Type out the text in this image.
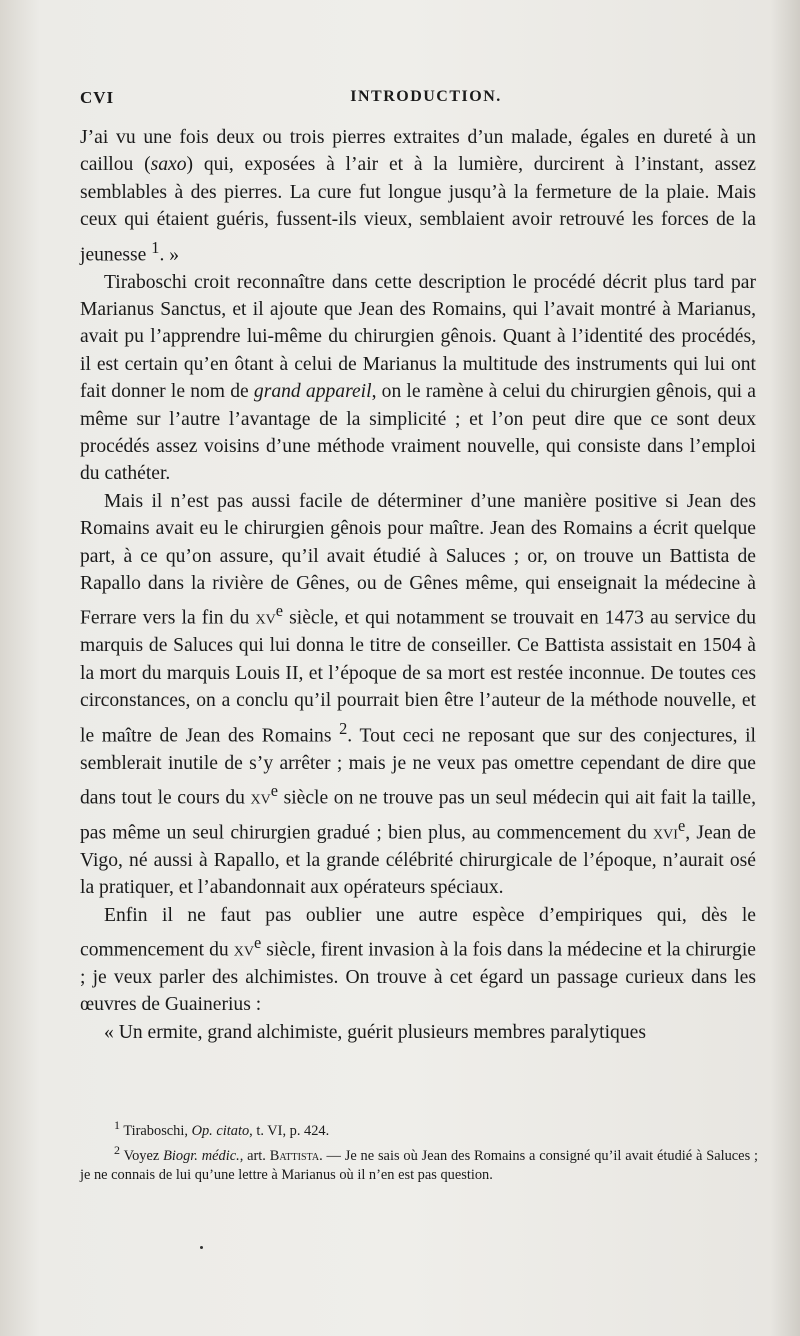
CVI	INTRODUCTION.

J’ai vu une fois deux ou trois pierres extraites d’un malade, égales en dureté à un caillou (saxo) qui, exposées à l’air et à la lumière, durcirent à l’instant, assez semblables à des pierres. La cure fut longue jusqu’à la fermeture de la plaie. Mais ceux qui étaient guéris, fussent-ils vieux, semblaient avoir retrouvé les forces de la jeunesse $^1$. »

Tiraboschi croit reconnaître dans cette description le procédé décrit plus tard par Marianus Sanctus, et il ajoute que Jean des Romains, qui l’avait montré à Marianus, avait pu l’apprendre lui-même du chirurgien gênois. Quant à l’identité des procédés, il est certain qu’en ôtant à celui de Marianus la multitude des instruments qui lui ont fait donner le nom de grand appareil, on le ramène à celui du chirurgien gênois, qui a même sur l’autre l’avantage de la simplicité ; et l’on peut dire que ce sont deux procédés assez voisins d’une méthode vraiment nouvelle, qui consiste dans l’emploi du cathéter.

Mais il n’est pas aussi facile de déterminer d’une manière positive si Jean des Romains avait eu le chirurgien gênois pour maître. Jean des Romains a écrit quelque part, à ce qu’on assure, qu’il avait étudié à Saluces ; or, on trouve un Battista de Rapallo dans la rivière de Gênes, ou de Gênes même, qui enseignait la médecine à Ferrare vers la fin du $xv^e$ siècle, et qui notamment se trouvait en 1473 au service du marquis de Saluces qui lui donna le titre de conseiller. Ce Battista assistait en 1504 à la mort du marquis Louis II, et l’époque de sa mort est restée inconnue. De toutes ces circonstances, on a conclu qu’il pourrait bien être l’auteur de la méthode nouvelle, et le maître de Jean des Romains $^2$. Tout ceci ne reposant que sur des conjectures, il semblerait inutile de s’y arrêter ; mais je ne veux pas omettre cependant de dire que dans tout le cours du $xv^e$ siècle on ne trouve pas un seul médecin qui ait fait la taille, pas même un seul chirurgien gradué ; bien plus, au commencement du xvi$^e$, Jean de Vigo, né aussi à Rapallo, et la grande célébrité chirurgicale de l’époque, n’aurait osé la pratiquer, et l’abandonnait aux opérateurs spéciaux.

Enfin il ne faut pas oublier une autre espèce d’empiriques qui, dès le commencement du $xv^e$ siècle, firent invasion à la fois dans la médecine et la chirurgie ; je veux parler des alchimistes. On trouve à cet égard un passage curieux dans les œuvres de Guainerius :

« Un ermite, grand alchimiste, guérit plusieurs membres paralytiques

$^1$ Tiraboschi, Op. citato, t. VI, p. 424.

$^2$ Voyez Biogr. médic., art. Battista. — Je ne sais où Jean des Romains a consigné qu’il avait étudié à Saluces ; je ne connais de lui qu’une lettre à Marianus où il n’en est pas question.
